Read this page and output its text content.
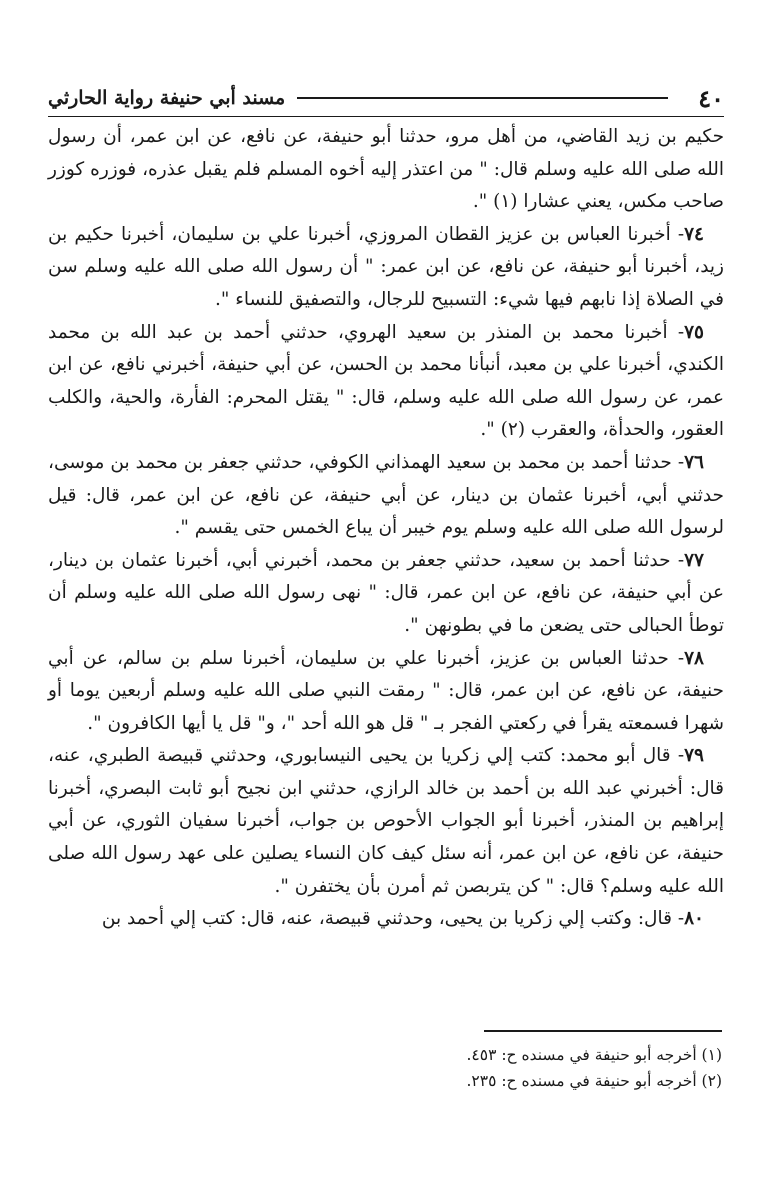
٤٠
مسند أبي حنيفة رواية الحارثي

حكيم بن زيد القاضي، من أهل مرو، حدثنا أبو حنيفة، عن نافع، عن ابن عمر، أن رسول الله صلى الله عليه وسلم قال: " من اعتذر إليه أخوه المسلم فلم يقبل عذره، فوزره كوزر صاحب مكس، يعني عشارا (١) ".

٧٤- أخبرنا العباس بن عزيز القطان المروزي، أخبرنا علي بن سليمان، أخبرنا حكيم بن زيد، أخبرنا أبو حنيفة، عن نافع، عن ابن عمر: " أن رسول الله صلى الله عليه وسلم سن في الصلاة إذا نابهم فيها شيء: التسبيح للرجال، والتصفيق للنساء ".

٧٥- أخبرنا محمد بن المنذر بن سعيد الهروي، حدثني أحمد بن عبد الله بن محمد الكندي، أخبرنا علي بن معبد، أنبأنا محمد بن الحسن، عن أبي حنيفة، أخبرني نافع، عن ابن عمر، عن رسول الله صلى الله عليه وسلم، قال: " يقتل المحرم: الفأرة، والحية، والكلب العقور، والحدأة، والعقرب (٢) ".

٧٦- حدثنا أحمد بن محمد بن سعيد الهمذاني الكوفي، حدثني جعفر بن محمد بن موسى، حدثني أبي، أخبرنا عثمان بن دينار، عن أبي حنيفة، عن نافع، عن ابن عمر، قال: قيل لرسول الله صلى الله عليه وسلم يوم خيبر أن يباع الخمس حتى يقسم ".

٧٧- حدثنا أحمد بن سعيد، حدثني جعفر بن محمد، أخبرني أبي، أخبرنا عثمان بن دينار، عن أبي حنيفة، عن نافع، عن ابن عمر، قال: " نهى رسول الله صلى الله عليه وسلم أن توطأ الحبالى حتى يضعن ما في بطونهن ".

٧٨- حدثنا العباس بن عزيز، أخبرنا علي بن سليمان، أخبرنا سلم بن سالم، عن أبي حنيفة، عن نافع، عن ابن عمر، قال: " رمقت النبي صلى الله عليه وسلم أربعين يوما أو شهرا فسمعته يقرأ في ركعتي الفجر بـ " قل هو الله أحد "، و" قل يا أيها الكافرون ".

٧٩- قال أبو محمد: كتب إلي زكريا بن يحيى النيسابوري، وحدثني قبيصة الطبري، عنه، قال: أخبرني عبد الله بن أحمد بن خالد الرازي، حدثني ابن نجيح أبو ثابت البصري، أخبرنا إبراهيم بن المنذر، أخبرنا أبو الجواب الأحوص بن جواب، أخبرنا سفيان الثوري، عن أبي حنيفة، عن نافع، عن ابن عمر، أنه سئل كيف كان النساء يصلين على عهد رسول الله صلى الله عليه وسلم؟ قال: " كن يتربصن ثم أمرن بأن يختفرن ".

٨٠- قال: وكتب إلي زكريا بن يحيى، وحدثني قبيصة، عنه، قال: كتب إلي أحمد بن

(١) أخرجه أبو حنيفة في مسنده ح: ٤٥٣.

(٢) أخرجه أبو حنيفة في مسنده ح: ٢٣٥.
